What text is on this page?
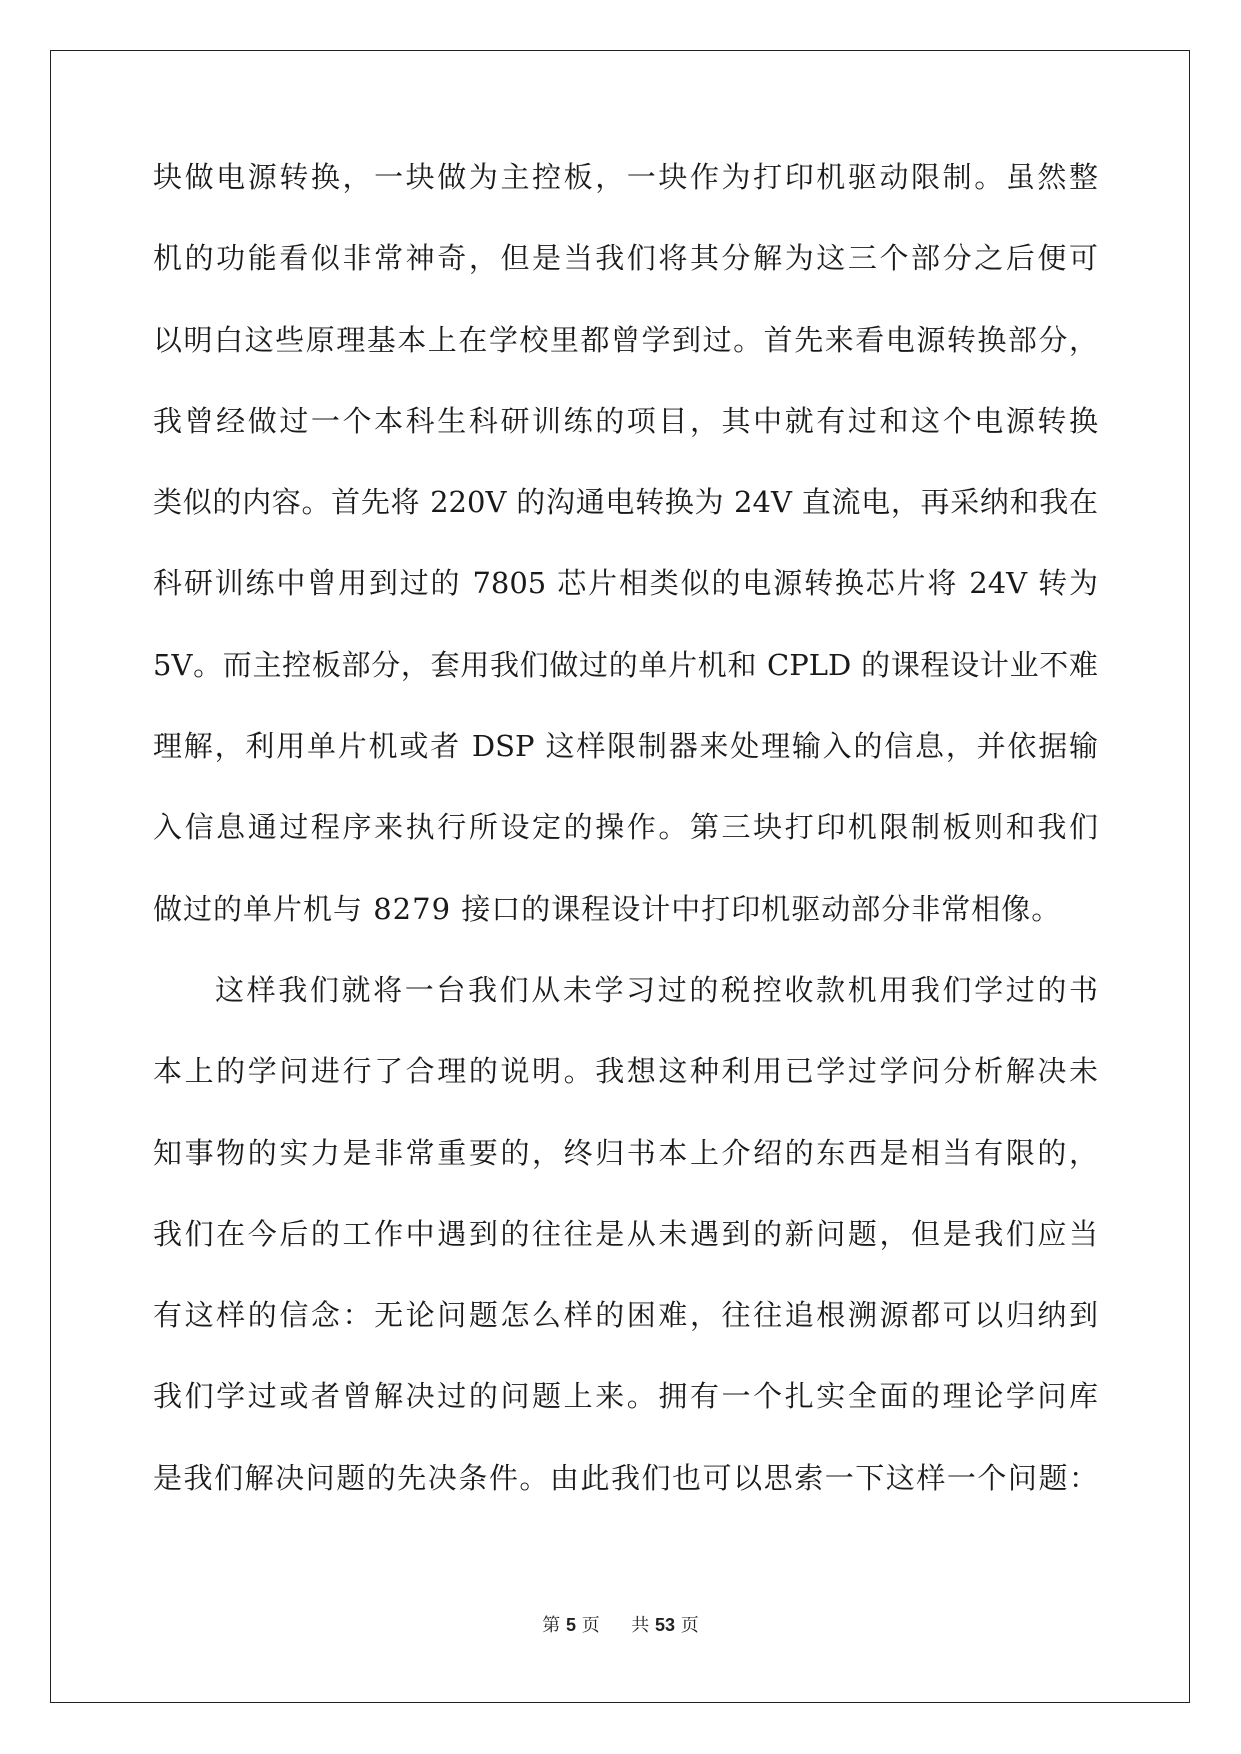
块做电源转换，一块做为主控板，一块作为打印机驱动限制。虽然整
机的功能看似非常神奇，但是当我们将其分解为这三个部分之后便可
以明白这些原理基本上在学校里都曾学到过。首先来看电源转换部分，
我曾经做过一个本科生科研训练的项目，其中就有过和这个电源转换
类似的内容。首先将 220V 的沟通电转换为 24V 直流电，再采纳和我在
科研训练中曾用到过的 7805 芯片相类似的电源转换芯片将 24V 转为
5V。而主控板部分，套用我们做过的单片机和 CPLD 的课程设计业不难
理解，利用单片机或者 DSP 这样限制器来处理输入的信息，并依据输
入信息通过程序来执行所设定的操作。第三块打印机限制板则和我们
做过的单片机与 8279 接口的课程设计中打印机驱动部分非常相像。
这样我们就将一台我们从未学习过的税控收款机用我们学过的书
本上的学问进行了合理的说明。我想这种利用已学过学问分析解决未
知事物的实力是非常重要的，终归书本上介绍的东西是相当有限的，
我们在今后的工作中遇到的往往是从未遇到的新问题，但是我们应当
有这样的信念：无论问题怎么样的困难，往往追根溯源都可以归纳到
我们学过或者曾解决过的问题上来。拥有一个扎实全面的理论学问库
是我们解决问题的先决条件。由此我们也可以思索一下这样一个问题：
第 5 页 共 53 页
